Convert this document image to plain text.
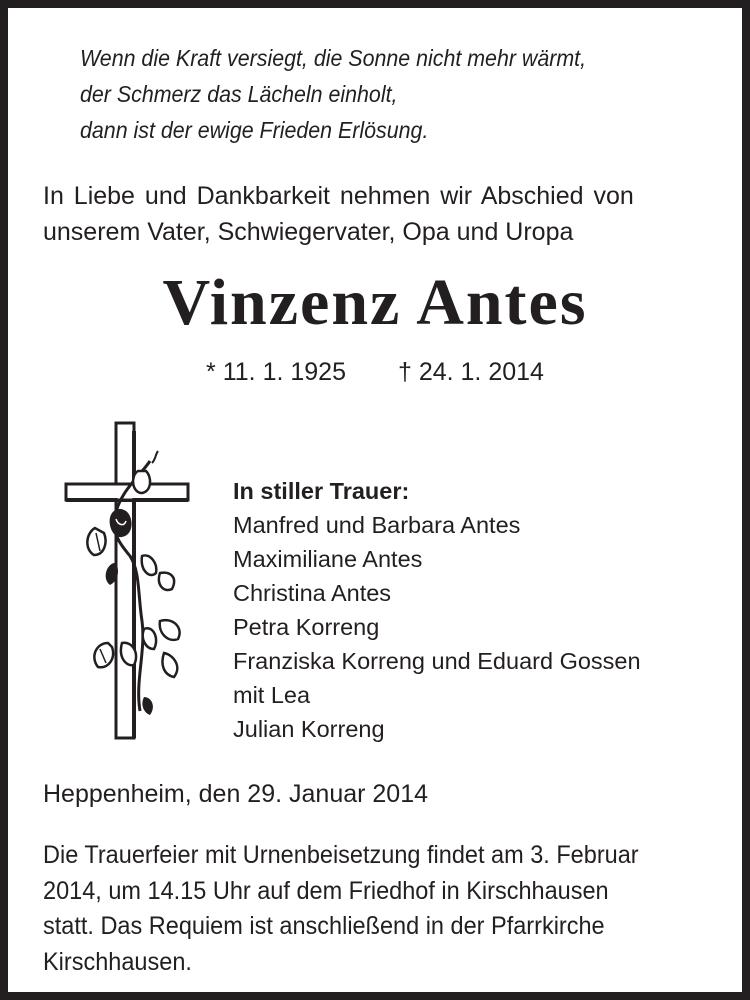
Wenn die Kraft versiegt, die Sonne nicht mehr wärmt,
der Schmerz das Lächeln einholt,
dann ist der ewige Frieden Erlösung.
In Liebe und Dankbarkeit nehmen wir Abschied von
unserem Vater, Schwiegervater, Opa und Uropa
Vinzenz Antes
* 11. 1. 1925 † 24. 1. 2014
In stiller Trauer:
Manfred und Barbara Antes
Maximiliane Antes
Christina Antes
Petra Korreng
Franziska Korreng und Eduard Gossen
mit Lea
Julian Korreng
Heppenheim, den 29. Januar 2014
Die Trauerfeier mit Urnenbeisetzung findet am 3. Februar
2014, um 14.15 Uhr auf dem Friedhof in Kirschhausen
statt. Das Requiem ist anschließend in der Pfarrkirche
Kirschhausen.
